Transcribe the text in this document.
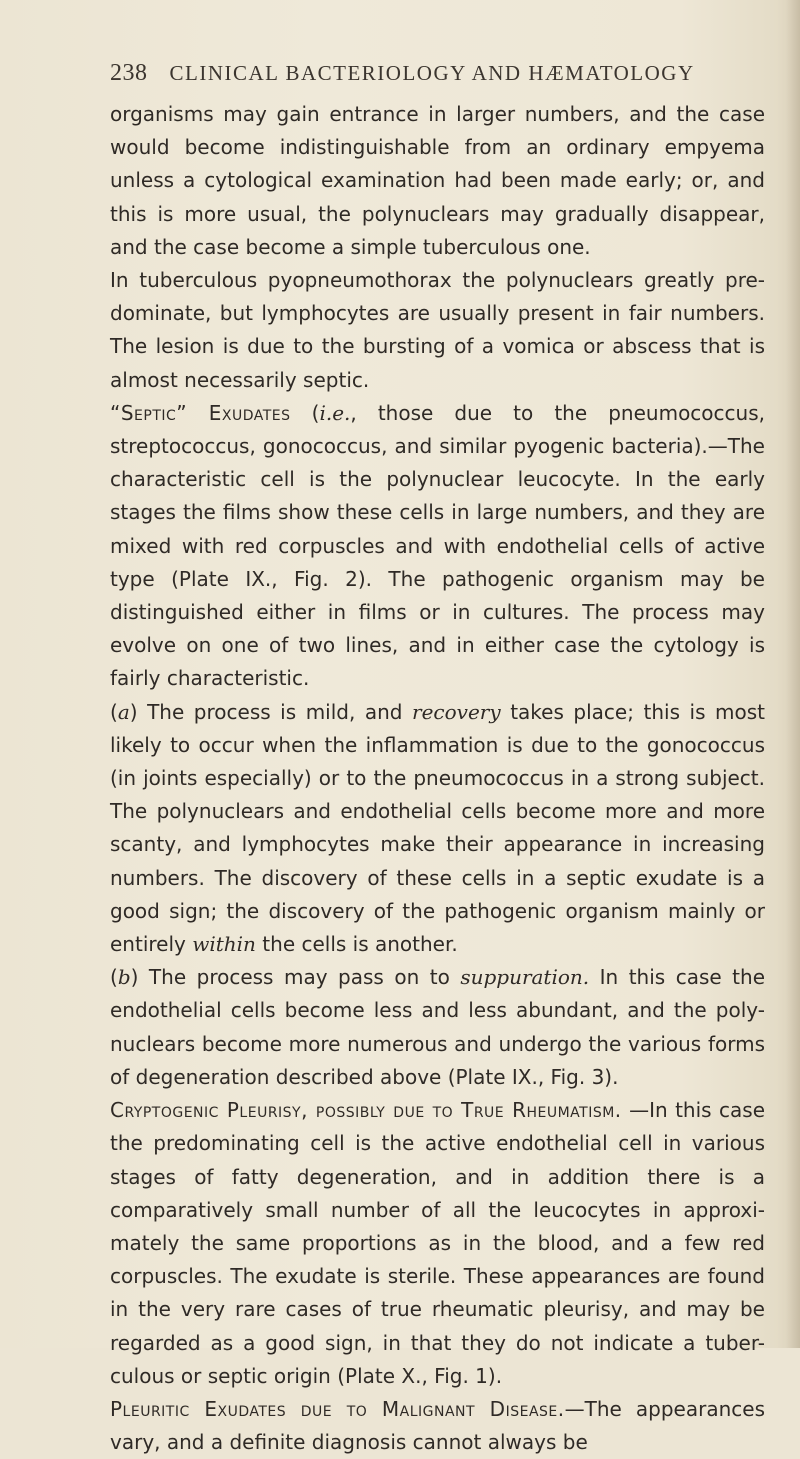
238 CLINICAL BACTERIOLOGY AND HÆMATOLOGY

organisms may gain entrance in larger numbers, and the case would become indistinguishable from an ordinary empyema unless a cytological examination had been made early; or, and this is more usual, the polynuclears may gradually disappear, and the case become a simple tuberculous one.

In tuberculous pyopneumothorax the polynuclears greatly pre-dominate, but lymphocytes are usually present in fair numbers. The lesion is due to the bursting of a vomica or abscess that is almost necessarily septic.

“Septic” Exudates (i.e., those due to the pneumococcus, streptococcus, gonococcus, and similar pyogenic bacteria).—The characteristic cell is the polynuclear leucocyte. In the early stages the films show these cells in large numbers, and they are mixed with red corpuscles and with endothelial cells of active type (Plate IX., Fig. 2). The pathogenic organism may be distinguished either in films or in cultures. The process may evolve on one of two lines, and in either case the cytology is fairly characteristic.

(a) The process is mild, and recovery takes place; this is most likely to occur when the inflammation is due to the gonococcus (in joints especially) or to the pneumococcus in a strong subject. The polynuclears and endothelial cells become more and more scanty, and lymphocytes make their appearance in increasing numbers. The discovery of these cells in a septic exudate is a good sign; the discovery of the pathogenic organism mainly or entirely within the cells is another.

(b) The process may pass on to suppuration. In this case the endothelial cells become less and less abundant, and the poly-nuclears become more numerous and undergo the various forms of degeneration described above (Plate IX., Fig. 3).

Cryptogenic Pleurisy, possibly due to True Rheumatism. —In this case the predominating cell is the active endothelial cell in various stages of fatty degeneration, and in addition there is a comparatively small number of all the leucocytes in approxi-mately the same proportions as in the blood, and a few red corpuscles. The exudate is sterile. These appearances are found in the very rare cases of true rheumatic pleurisy, and may be regarded as a good sign, in that they do not indicate a tuber-culous or septic origin (Plate X., Fig. 1).

Pleuritic Exudates due to Malignant Disease.—The appearances vary, and a definite diagnosis cannot always be
